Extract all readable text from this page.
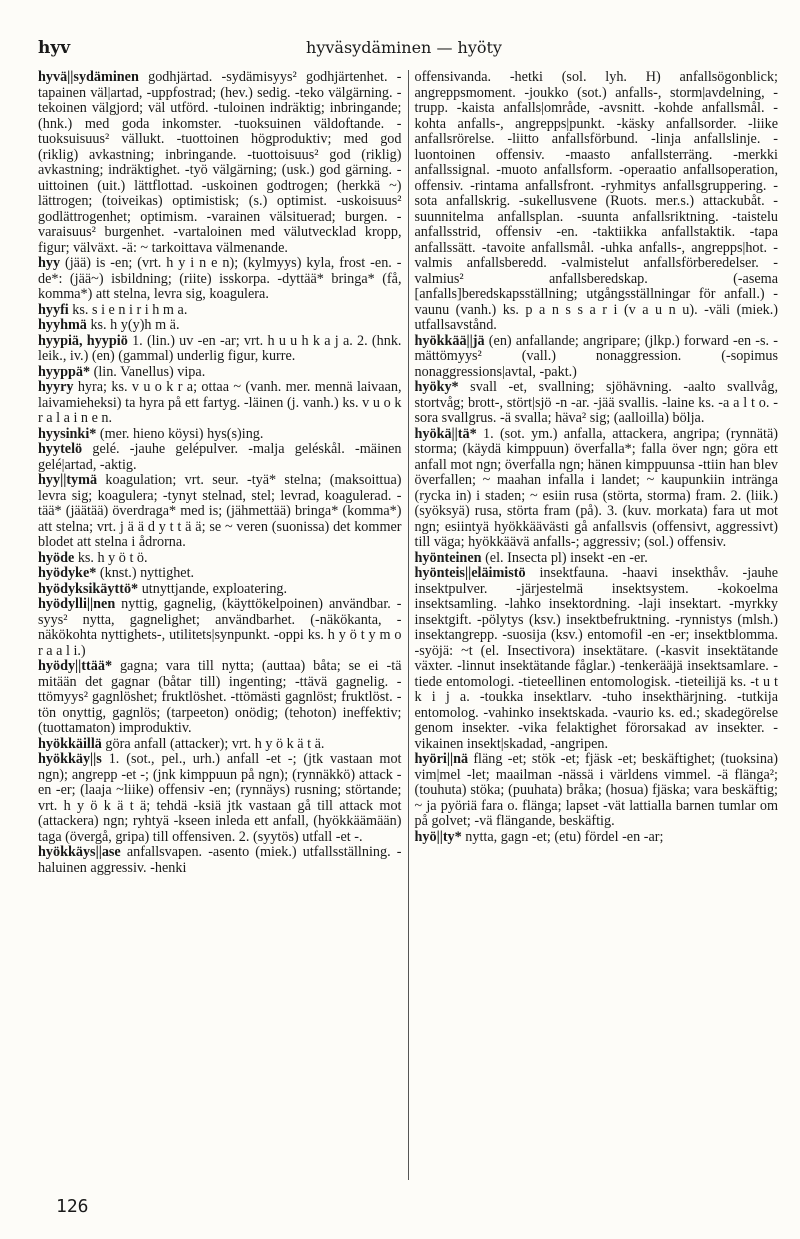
hyv	hyväsydäminen — hyöty

hyvä||sydäminen godhjärtad. -sydämisyys² godhjärtenhet. -tapainen väl|artad, -uppfostrad; (hev.) sedig. -teko välgärning. -tekoinen välgjord; väl utförd. -tuloinen indräktig; inbringande; (hnk.) med goda inkomster. -tuoksuinen väldoftande. -tuoksuisuus² vällukt. -tuottoinen högproduktiv; med god (riklig) avkastning; inbringande. -tuottoisuus² god (riklig) avkastning; indräktighet. -työ välgärning; (usk.) god gärning. -uittoinen (uit.) lättflottad. -uskoinen godtrogen; (herkkä ~) lättrogen; (toiveikas) optimistisk; (s.) optimist. -uskoisuus² godlättrogenhet; optimism. -varainen välsituerad; burgen. -varaisuus² burgenhet. -vartaloinen med välutvecklad kropp, figur; välväxt. -ä: ~ tarkoittava välmenande.

hyy (jää) is -en; (vrt. h y i n e n); (kylmyys) kyla, frost -en. -de*: (jää~) isbildning; (riite) isskorpa. -dyttää* bringa* (få, komma*) att stelna, levra sig, koagulera.

hyyfi ks. s i e n i r i h m a.

hyyhmä ks. h y(y)h m ä.

hyypiä, hyypiö 1. (lin.) uv -en -ar; vrt. h u u h k a j a. 2. (hnk. leik., iv.) (en) (gammal) underlig figur, kurre.

hyyppä* (lin. Vanellus) vipa.

hyyry hyra; ks. v u o k r a; ottaa ~ (vanh. mer. mennä laivaan, laivamieheksi) ta hyra på ett fartyg. -läinen (j. vanh.) ks. v u o k r a l a i n e n.

hyysinki* (mer. hieno köysi) hys(s)ing.

hyytelö gelé. -jauhe gelépulver. -malja geléskål. -mäinen gelé|artad, -aktig.

hyy||tymä koagulation; vrt. seur. -tyä* stelna; (maksoittua) levra sig; koagulera; -tynyt stelnad, stel; levrad, koagulerad. -tää* (jäätää) överdraga* med is; (jähmettää) bringa* (komma*) att stelna; vrt. j ä ä d y t t ä ä; se ~ veren (suonissa) det kommer blodet att stelna i ådrorna.

hyöde ks. h y ö t ö.

hyödyke* (knst.) nyttighet.

hyödyksikäyttö* utnyttjande, exploatering.

hyödylli||nen nyttig, gagnelig, (käyttökelpoinen) användbar. -syys² nytta, gagnelighet; användbarhet. (-näkökanta, -näkökohta nyttighets-, utilitets|synpunkt. -oppi ks. h y ö t y m o r a a l i.)

hyödy||ttää* gagna; vara till nytta; (auttaa) båta; se ei -tä mitään det gagnar (båtar till) ingenting; -ttävä gagnelig. -ttömyys² gagnlöshet; fruktlöshet. -ttömästi gagnlöst; fruktlöst. -tön onyttig, gagnlös; (tarpeeton) onödig; (tehoton) ineffektiv; (tuottamaton) improduktiv.

hyökkäillä göra anfall (attacker); vrt. h y ö k ä t ä.

hyökkäy||s 1. (sot., pel., urh.) anfall -et -; (jtk vastaan mot ngn); angrepp -et -; (jnk kimppuun på ngn); (rynnäkkö) attack -en -er; (laaja ~liike) offensiv -en; (rynnäys) rusning; störtande; vrt. h y ö k ä t ä; tehdä -ksiä jtk vastaan gå till attack mot (attackera) ngn; ryhtyä -kseen inleda ett anfall, (hyökkäämään) taga (övergå, gripa) till offensiven. 2. (syytös) utfall -et -.

hyökkäys||ase anfallsvapen. -asento (miek.) utfallsställning. -haluinen aggressiv. -henki

offensivanda. -hetki (sol. lyh. H) anfallsögonblick; angreppsmoment. -joukko (sot.) anfalls-, storm|avdelning, -trupp. -kaista anfalls|område, -avsnitt. -kohde anfallsmål. -kohta anfalls-, angrepps|punkt. -käsky anfallsorder. -liike anfallsrörelse. -liitto anfallsförbund. -linja anfallslinje. -luontoinen offensiv. -maasto anfallsterräng. -merkki anfallssignal. -muoto anfallsform. -operaatio anfallsoperation, offensiv. -rintama anfallsfront. -ryhmitys anfallsgruppering. -sota anfallskrig. -sukellusvene (Ruots. mer.s.) attackubåt. -suunnitelma anfallsplan. -suunta anfallsriktning. -taistelu anfallsstrid, offensiv -en. -taktiikka anfallstaktik. -tapa anfallssätt. -tavoite anfallsmål. -uhka anfalls-, angrepps|hot. -valmis anfallsberedd. -valmistelut anfallsförberedelser. -valmius² anfallsberedskap. (-asema [anfalls]beredskapsställning; utgångsställningar för anfall.) -vaunu (vanh.) ks. p a n s s a r i (v a u n u). -väli (miek.) utfallsavstånd.

hyökkää||jä (en) anfallande; angripare; (jlkp.) forward -en -s. -mättömyys² (vall.) nonaggression. (-sopimus nonaggressions|avtal, -pakt.)

hyöky* svall -et, svallning; sjöhävning. -aalto svallvåg, stortvåg; brott-, stört|sjö -n -ar. -jää svallis. -laine ks. -a a l t o. -sora svallgrus. -ä svalla; häva² sig; (aalloilla) bölja.

hyökä||tä* 1. (sot. ym.) anfalla, attackera, angripa; (rynnätä) storma; (käydä kimppuun) överfalla*; falla över ngn; göra ett anfall mot ngn; överfalla ngn; hänen kimppuunsa -ttiin han blev överfallen; ~ maahan infalla i landet; ~ kaupunkiin inträngа (rycka in) i staden; ~ esiin rusa (störta, storma) fram. 2. (liik.) (syöksyä) rusa, störta fram (på). 3. (kuv. morkata) fara ut mot ngn; esiintyä hyökkäävästi gå anfallsvis (offensivt, aggressivt) till väga; hyökkäävä anfalls-; aggressiv; (sol.) offensiv.

hyönteinen (el. Insecta pl) insekt -en -er.

hyönteis||eläimistö insektfauna. -haavi insekthåv. -jauhe insektpulver. -järjestelmä insektsystem. -kokoelma insektsamling. -lahko insektordning. -laji insektart. -myrkky insektgift. -pölytys (ksv.) insektbefruktning. -rynnistys (mlsh.) insektangrepp. -suosija (ksv.) entomofil -en -er; insektblomma. -syöjä: ~t (el. Insectivora) insektätare. (-kasvit insektätande växter. -linnut insektätande fåglar.) -tenkerääjä insektsamlare. -tiede entomologi. -tieteellinen entomologisk. -tieteilijä ks. -t u t k i j a. -toukka insektlarv. -tuho insekthärjning. -tutkija entomolog. -vahinko insektskada. -vaurio ks. ed.; skadegörelse genom insekter. -vika felaktighet förorsakad av insekter. -vikainen insekt|skadad, -angripen.

hyöri||nä fläng -et; stök -et; fjäsk -et; beskäftighet; (tuoksina) vim|mel -let; maailman -nässä i världens vimmel. -ä flänga²; (touhuta) stöka; (puuhata) bråka; (hosua) fjäska; vara beskäftig; ~ ja pyöriä fara o. flänga; lapset -vät lattialla barnen tumlar om på golvet; -vä flängande, beskäftig.

hyö||ty* nytta, gagn -et; (etu) fördel -en -ar;

126
